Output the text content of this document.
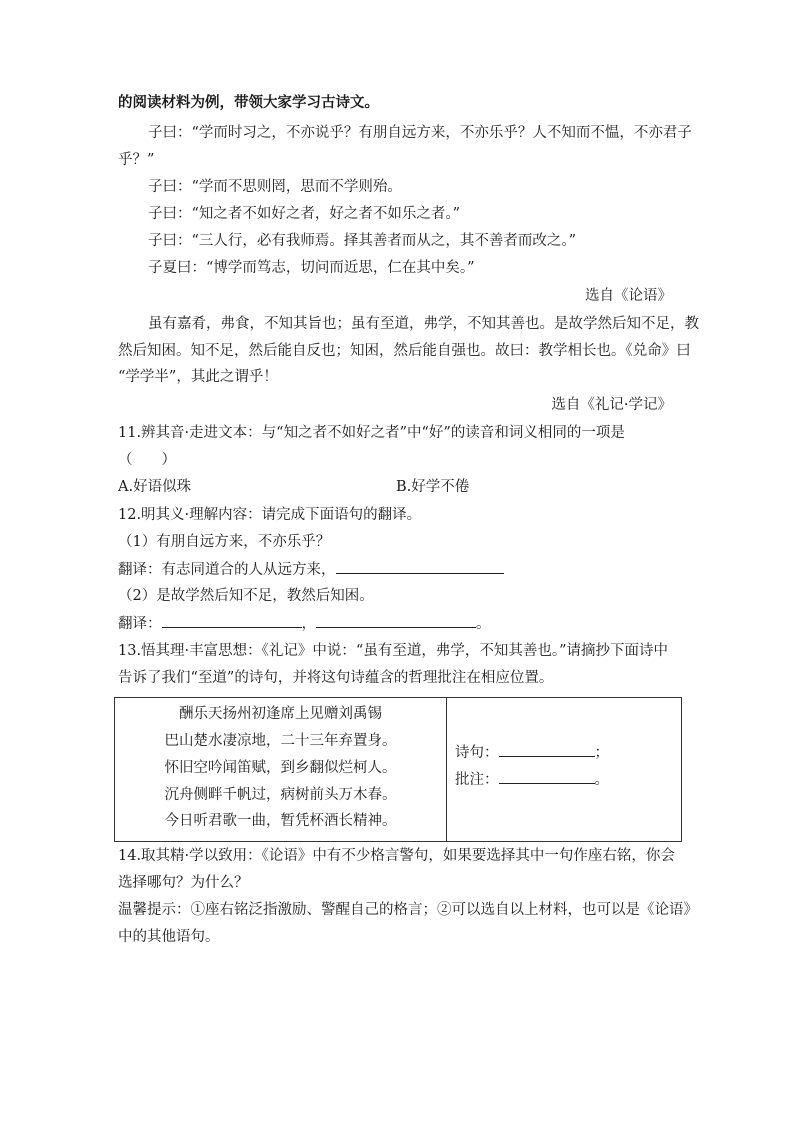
的阅读材料为例，带领大家学习古诗文。
子曰：“学而时习之，不亦说乎？有朋自远方来，不亦乐乎？人不知而不愠，不亦君子
乎？”
子曰：“学而不思则罔，思而不学则殆。
子曰：“知之者不如好之者，好之者不如乐之者。”
子曰：“三人行，必有我师焉。择其善者而从之，其不善者而改之。”
子夏曰：“博学而笃志，切问而近思，仁在其中矣。”
选自《论语》
虽有嘉肴，弗食，不知其旨也；虽有至道，弗学，不知其善也。是故学然后知不足，教
然后知困。知不足，然后能自反也；知困，然后能自强也。故曰：教学相长也。《兑命》曰
“学学半”，其此之谓乎！
选自《礼记·学记》
11.辨其音·走进文本：与“知之者不如好之者”中“好”的读音和词义相同的一项是
（　　）
A.好语似珠	B.好学不倦
12.明其义·理解内容：请完成下面语句的翻译。
（1）有朋自远方来，不亦乐乎？
翻译：有志同道合的人从远方来，
（2）是故学然后知不足，教然后知困。
翻译：	，	。
13.悟其理·丰富思想：《礼记》中说：“虽有至道，弗学，不知其善也。”请摘抄下面诗中
告诉了我们“至道”的诗句，并将这句诗蕴含的哲理批注在相应位置。
酬乐天扬州初逢席上见赠刘禹锡
巴山楚水凄凉地，二十三年弃置身。
怀旧空吟闻笛赋，到乡翻似烂柯人。
沉舟侧畔千帆过，病树前头万木春。
今日听君歌一曲，暂凭杯酒长精神。
诗句：	；
批注：	。
14.取其精·学以致用：《论语》中有不少格言警句，如果要选择其中一句作座右铭，你会
选择哪句？为什么？
温馨提示：①座右铭泛指激励、警醒自己的格言；②可以选自以上材料，也可以是《论语》
中的其他语句。
